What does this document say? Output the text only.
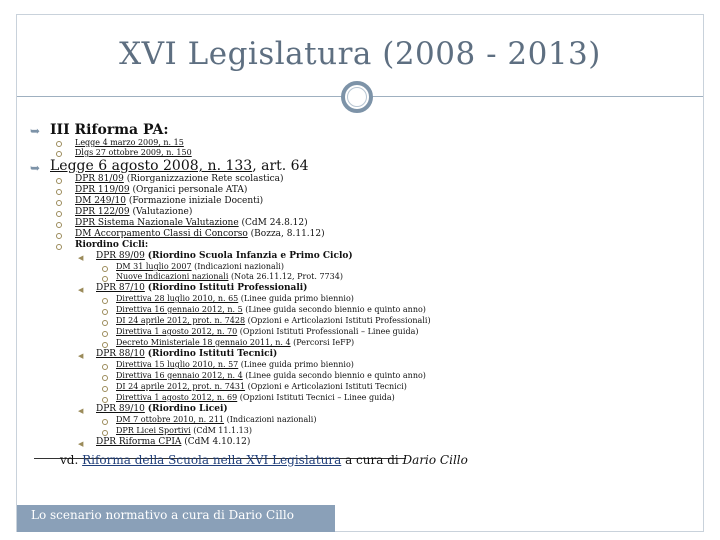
XVI Legislatura (2008 - 2013)
➥ III Riforma PA:
Legge 4 marzo 2009, n. 15
Dlgs 27 ottobre 2009, n. 150
➥ Legge 6 agosto 2008, n. 133, art. 64
DPR 81/09 (Riorganizzazione Rete scolastica)
DPR 119/09 (Organici personale ATA)
DM 249/10 (Formazione iniziale Docenti)
DPR 122/09 (Valutazione)
DPR Sistema Nazionale Valutazione (CdM 24.8.12)
DM Accorpamento Classi di Concorso (Bozza, 8.11.12)
Riordino Cicli:
◀ DPR 89/09 (Riordino Scuola Infanzia e Primo Ciclo)
DM 31 luglio 2007 (Indicazioni nazionali)
Nuove Indicazioni nazionali (Nota 26.11.12, Prot. 7734)
◀ DPR 87/10 (Riordino Istituti Professionali)
Direttiva 28 luglio 2010, n. 65 (Linee guida primo biennio)
Direttiva 16 gennaio 2012, n. 5 (Linee guida secondo biennio e quinto anno)
DI 24 aprile 2012, prot. n. 7428 (Opzioni e Articolazioni Istituti Professionali)
Direttiva 1 agosto 2012, n. 70 (Opzioni Istituti Professionali – Linee guida)
Decreto Ministeriale 18 gennaio 2011, n. 4 (Percorsi IeFP)
◀ DPR 88/10 (Riordino Istituti Tecnici)
Direttiva 15 luglio 2010, n. 57 (Linee guida primo biennio)
Direttiva 16 gennaio 2012, n. 4 (Linee guida secondo biennio e quinto anno)
DI 24 aprile 2012, prot. n. 7431 (Opzioni e Articolazioni Istituti Tecnici)
Direttiva 1 agosto 2012, n. 69 (Opzioni Istituti Tecnici – Linee guida)
◀ DPR 89/10 (Riordino Licei)
DM 7 ottobre 2010, n. 211 (Indicazioni nazionali)
DPR Licei Sportivi (CdM 11.1.13)
◀ DPR Riforma CPIA (CdM 4.10.12)
vd. Riforma della Scuola nella XVI Legislatura a cura di Dario Cillo
Lo scenario normativo a cura di Dario Cillo
